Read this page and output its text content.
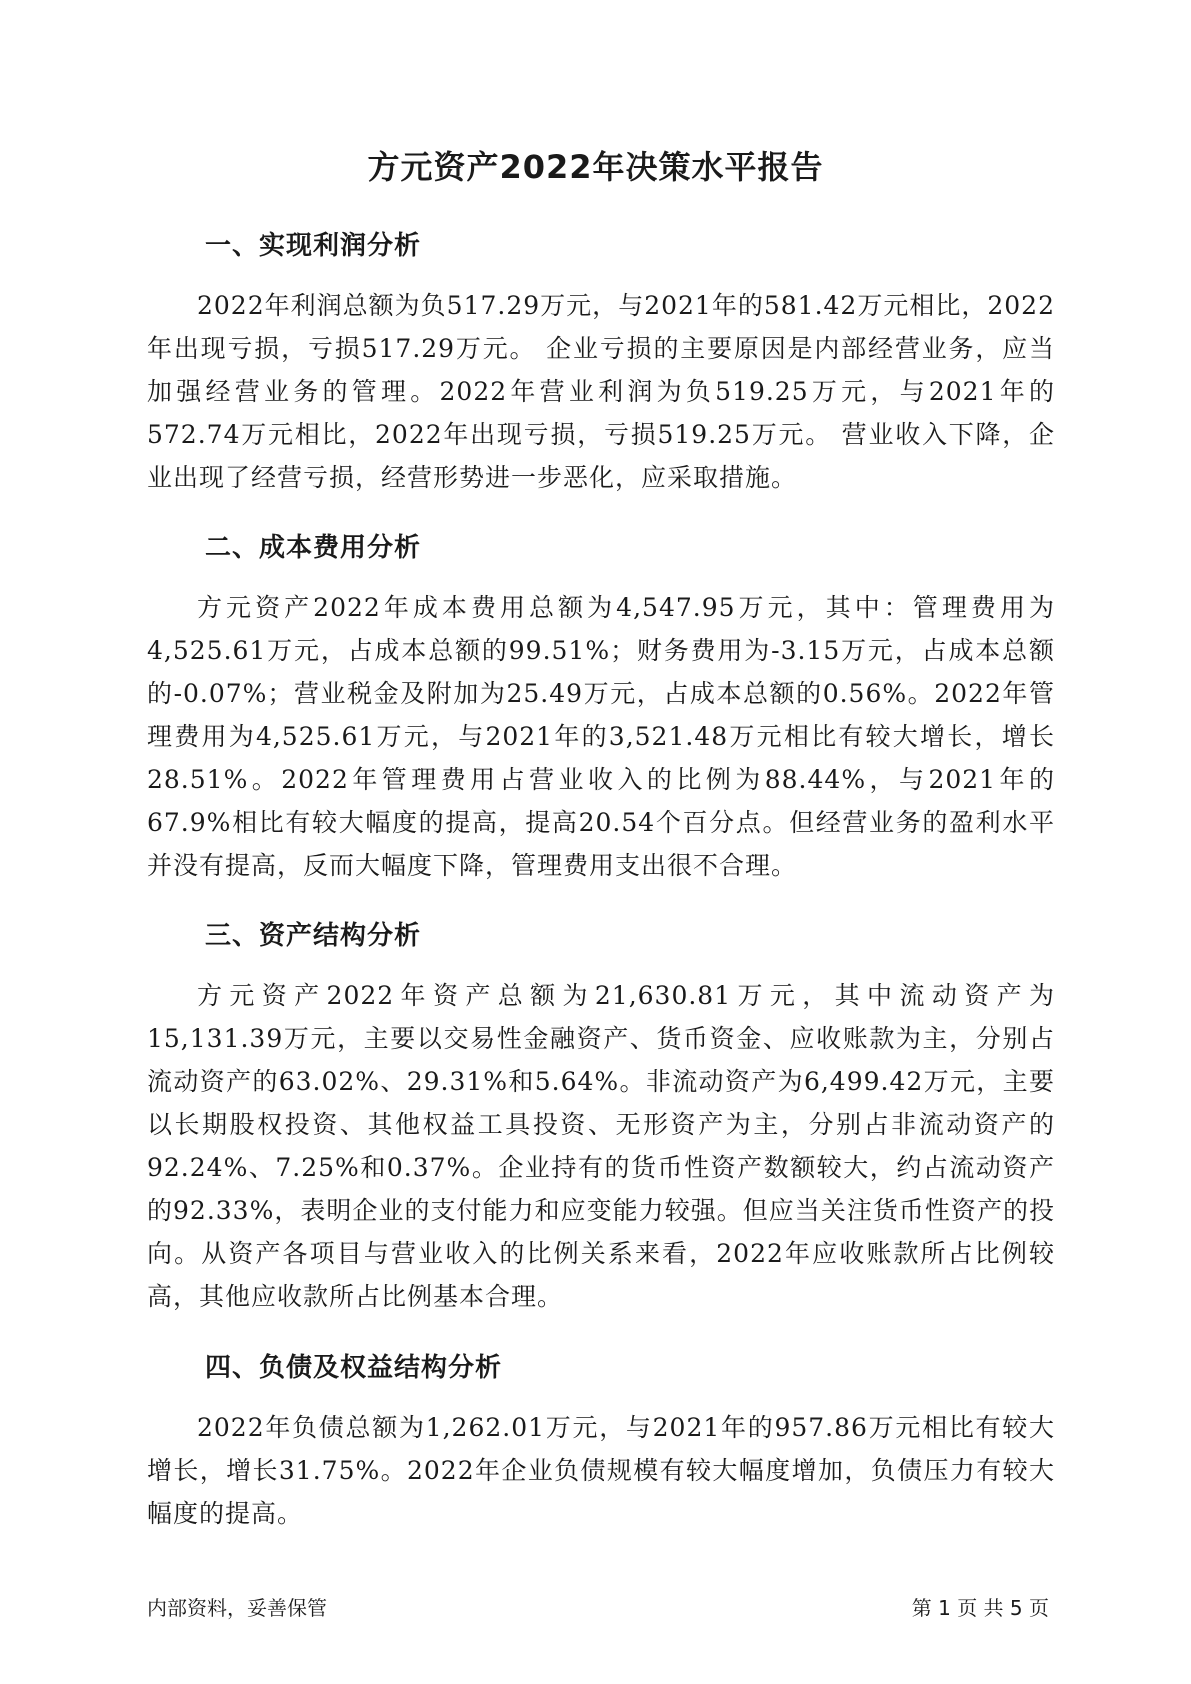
方元资产2022年决策水平报告
一、实现利润分析

2022年利润总额为负517.29万元，与2021年的581.42万元相比，2022年出现亏损，亏损517.29万元。 企业亏损的主要原因是内部经营业务，应当加强经营业务的管理。2022年营业利润为负519.25万元，与2021年的572.74万元相比，2022年出现亏损，亏损519.25万元。 营业收入下降，企业出现了经营亏损，经营形势进一步恶化，应采取措施。

二、成本费用分析

方元资产2022年成本费用总额为4,547.95万元，其中：管理费用为4,525.61万元，占成本总额的99.51%；财务费用为-3.15万元，占成本总额的-0.07%；营业税金及附加为25.49万元，占成本总额的0.56%。2022年管理费用为4,525.61万元，与2021年的3,521.48万元相比有较大增长，增长28.51%。2022年管理费用占营业收入的比例为88.44%，与2021年的67.9%相比有较大幅度的提高，提高20.54个百分点。但经营业务的盈利水平并没有提高，反而大幅度下降，管理费用支出很不合理。

三、资产结构分析

方元资产2022年资产总额为21,630.81万元，其中流动资产为15,131.39万元，主要以交易性金融资产、货币资金、应收账款为主，分别占流动资产的63.02%、29.31%和5.64%。非流动资产为6,499.42万元，主要以长期股权投资、其他权益工具投资、无形资产为主，分别占非流动资产的92.24%、7.25%和0.37%。企业持有的货币性资产数额较大，约占流动资产的92.33%，表明企业的支付能力和应变能力较强。但应当关注货币性资产的投向。从资产各项目与营业收入的比例关系来看，2022年应收账款所占比例较高，其他应收款所占比例基本合理。

四、负债及权益结构分析

2022年负债总额为1,262.01万元，与2021年的957.86万元相比有较大增长，增长31.75%。2022年企业负债规模有较大幅度增加，负债压力有较大幅度的提高。

内部资料，妥善保管	第 1 页 共 5 页
